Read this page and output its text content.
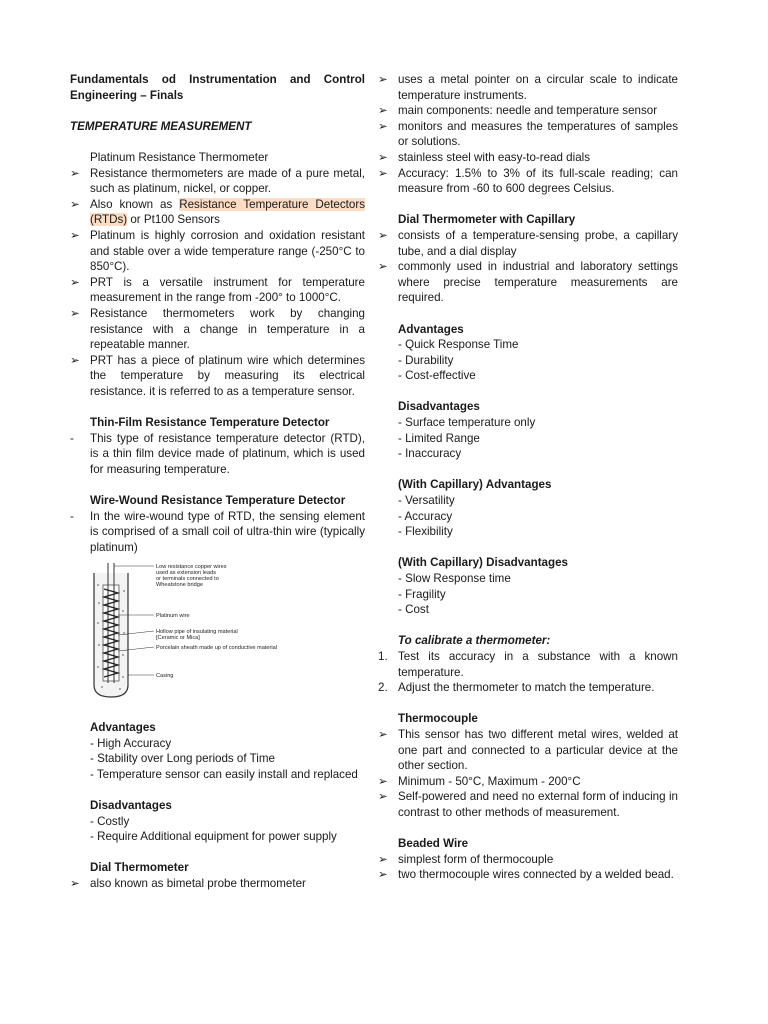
Fundamentals od Instrumentation and Control Engineering – Finals

TEMPERATURE MEASUREMENT

Platinum Resistance Thermometer

➢ Resistance thermometers are made of a pure metal, such as platinum, nickel, or copper.
➢ Also known as Resistance Temperature Detectors (RTDs) or Pt100 Sensors
➢ Platinum is highly corrosion and oxidation resistant and stable over a wide temperature range (-250°C to 850°C).
➢ PRT is a versatile instrument for temperature measurement in the range from -200° to 1000°C.
➢ Resistance thermometers work by changing resistance with a change in temperature in a repeatable manner.
➢ PRT has a piece of platinum wire which determines the temperature by measuring its electrical resistance. it is referred to as a temperature sensor.

Thin-Film Resistance Temperature Detector

-	This type of resistance temperature detector (RTD), is a thin film device made of platinum, which is used for measuring temperature.

Wire-Wound Resistance Temperature Detector

-	In the wire-wound type of RTD, the sensing element is comprised of a small coil of ultra-thin wire (typically platinum)
Low resistance copper wires used as extension leads or terminals connected to Wheatstone bridge
Platinum wire
Hollow pipe of insulating material [Ceramic or Mica]
Porcelain sheath made up of conductive material
Casing

Advantages

- High Accuracy

- Stability over Long periods of Time

- Temperature sensor can easily install and replaced

Disadvantages

- Costly

- Require Additional equipment for power supply

Dial Thermometer

➢ also known as bimetal probe thermometer
➢ uses a metal pointer on a circular scale to indicate temperature instruments.
➢ main components: needle and temperature sensor
➢ monitors and measures the temperatures of samples or solutions.
➢ stainless steel with easy-to-read dials
➢ Accuracy: 1.5% to 3% of its full-scale reading; can measure from -60 to 600 degrees Celsius.

Dial Thermometer with Capillary

➢ consists of a temperature-sensing probe, a capillary tube, and a dial display
➢ commonly used in industrial and laboratory settings where precise temperature measurements are required.

Advantages

- Quick Response Time

- Durability

- Cost-effective

Disadvantages

- Surface temperature only

- Limited Range

- Inaccuracy

(With Capillary) Advantages

- Versatility

- Accuracy

- Flexibility

(With Capillary) Disadvantages

- Slow Response time

- Fragility

- Cost

To calibrate a thermometer:

1. Test its accuracy in a substance with a known temperature.
2. Adjust the thermometer to match the temperature.

Thermocouple

➢ This sensor has two different metal wires, welded at one part and connected to a particular device at the other section.
➢ Minimum - 50°C, Maximum - 200°C
➢ Self-powered and need no external form of inducing in contrast to other methods of measurement.

Beaded Wire

➢ simplest form of thermocouple
➢ two thermocouple wires connected by a welded bead.
